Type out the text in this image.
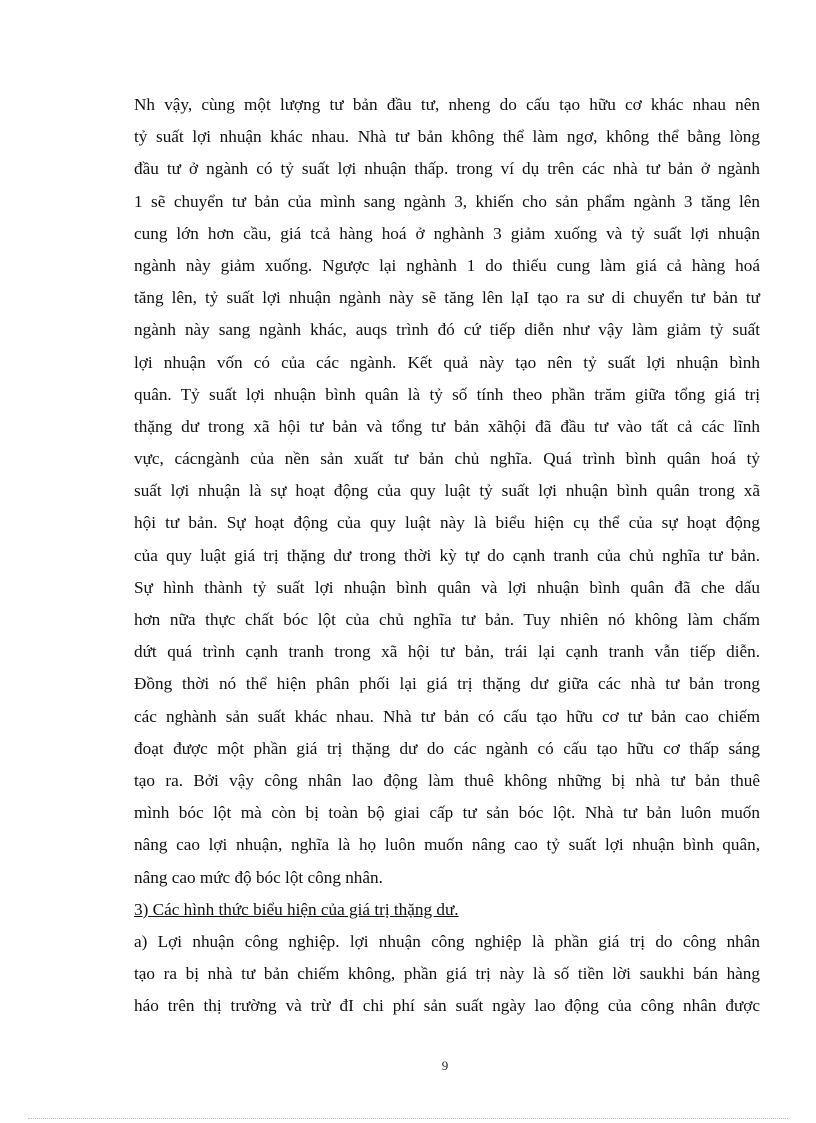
Nh vậy, cùng một lượng tư bản đầu tư, nheng do cấu tạo hữu cơ khác nhau nên
tỷ suất lợi nhuận khác nhau. Nhà tư bản không thể làm ngơ, không thể bằng lòng
đầu tư ở ngành có tỷ suất lợi nhuận thấp. trong ví dụ trên các nhà tư bản ở ngành
1 sẽ chuyển tư bản của mình sang ngành 3, khiến cho sản phẩm ngành 3 tăng lên
cung lớn hơn cầu, giá tcả hàng hoá ở nghành 3 giảm xuống và tỷ suất lợi nhuận
ngành này giảm xuống. Ngược lại nghành 1 do thiếu cung làm giá cả hàng hoá
tăng lên, tỷ suất lợi nhuận ngành này sẽ tăng lên lạI tạo ra sư di chuyển tư bản tư
ngành này sang ngành khác, auqs trình đó cứ tiếp diễn như vậy làm giảm tỷ suất
lợi nhuận vốn có của các ngành. Kết quả này tạo nên tỷ suất lợi nhuận bình
quân. Tỷ suất lợi nhuận bình quân là tỷ số tính theo phần trăm giữa tổng giá trị
thặng dư trong xã hội tư bản và tổng tư bản xãhội đã đầu tư vào tất cả các lĩnh
vực, cácngành của nền sản xuất tư bản chủ nghĩa. Quá trình bình quân hoá tỷ
suất lợi nhuận là sự hoạt động của quy luật tỷ suất lợi nhuận bình quân trong xã
hội tư bản. Sự hoạt động của quy luật này là biểu hiện cụ thể của sự hoạt động
của quy luật giá trị thặng dư trong thời kỳ tự do cạnh tranh của chủ nghĩa tư bản.
Sự hình thành tỷ suất lợi nhuận bình quân và lợi nhuận bình quân đã che dấu
hơn nữa thực chất bóc lột của chủ nghĩa tư bản. Tuy nhiên nó không làm chấm
dứt quá trình cạnh tranh trong xã hội tư bản, trái lại cạnh tranh vẫn tiếp diễn.
Đồng thời nó thể hiện phân phối lại giá trị thặng dư giữa các nhà tư bản trong
các nghành sản suất khác nhau. Nhà tư bản có cấu tạo hữu cơ tư bản cao chiếm
đoạt được một phần giá trị thặng dư do các ngành có cấu tạo hữu cơ thấp sáng
tạo ra. Bởi vậy công nhân lao động làm thuê không những bị nhà tư bản thuê
mình bóc lột mà còn bị toàn bộ giai cấp tư sản bóc lột. Nhà tư bản luôn muốn
nâng cao lợi nhuận, nghĩa là họ luôn muốn nâng cao tỷ suất lợi nhuận bình quân,
nâng cao mức độ bóc lột công nhân.
3) Các hình thức biểu hiện của giá trị thặng dư.
a) Lợi nhuận công nghiệp. lợi nhuận công nghiệp là phần giá trị do công nhân
tạo ra bị nhà tư bản chiếm không, phần giá trị này là số tiền lời saukhi bán hàng
háo trên thị trường và trừ đI chi phí sản suất ngày lao động của công nhân được
9
